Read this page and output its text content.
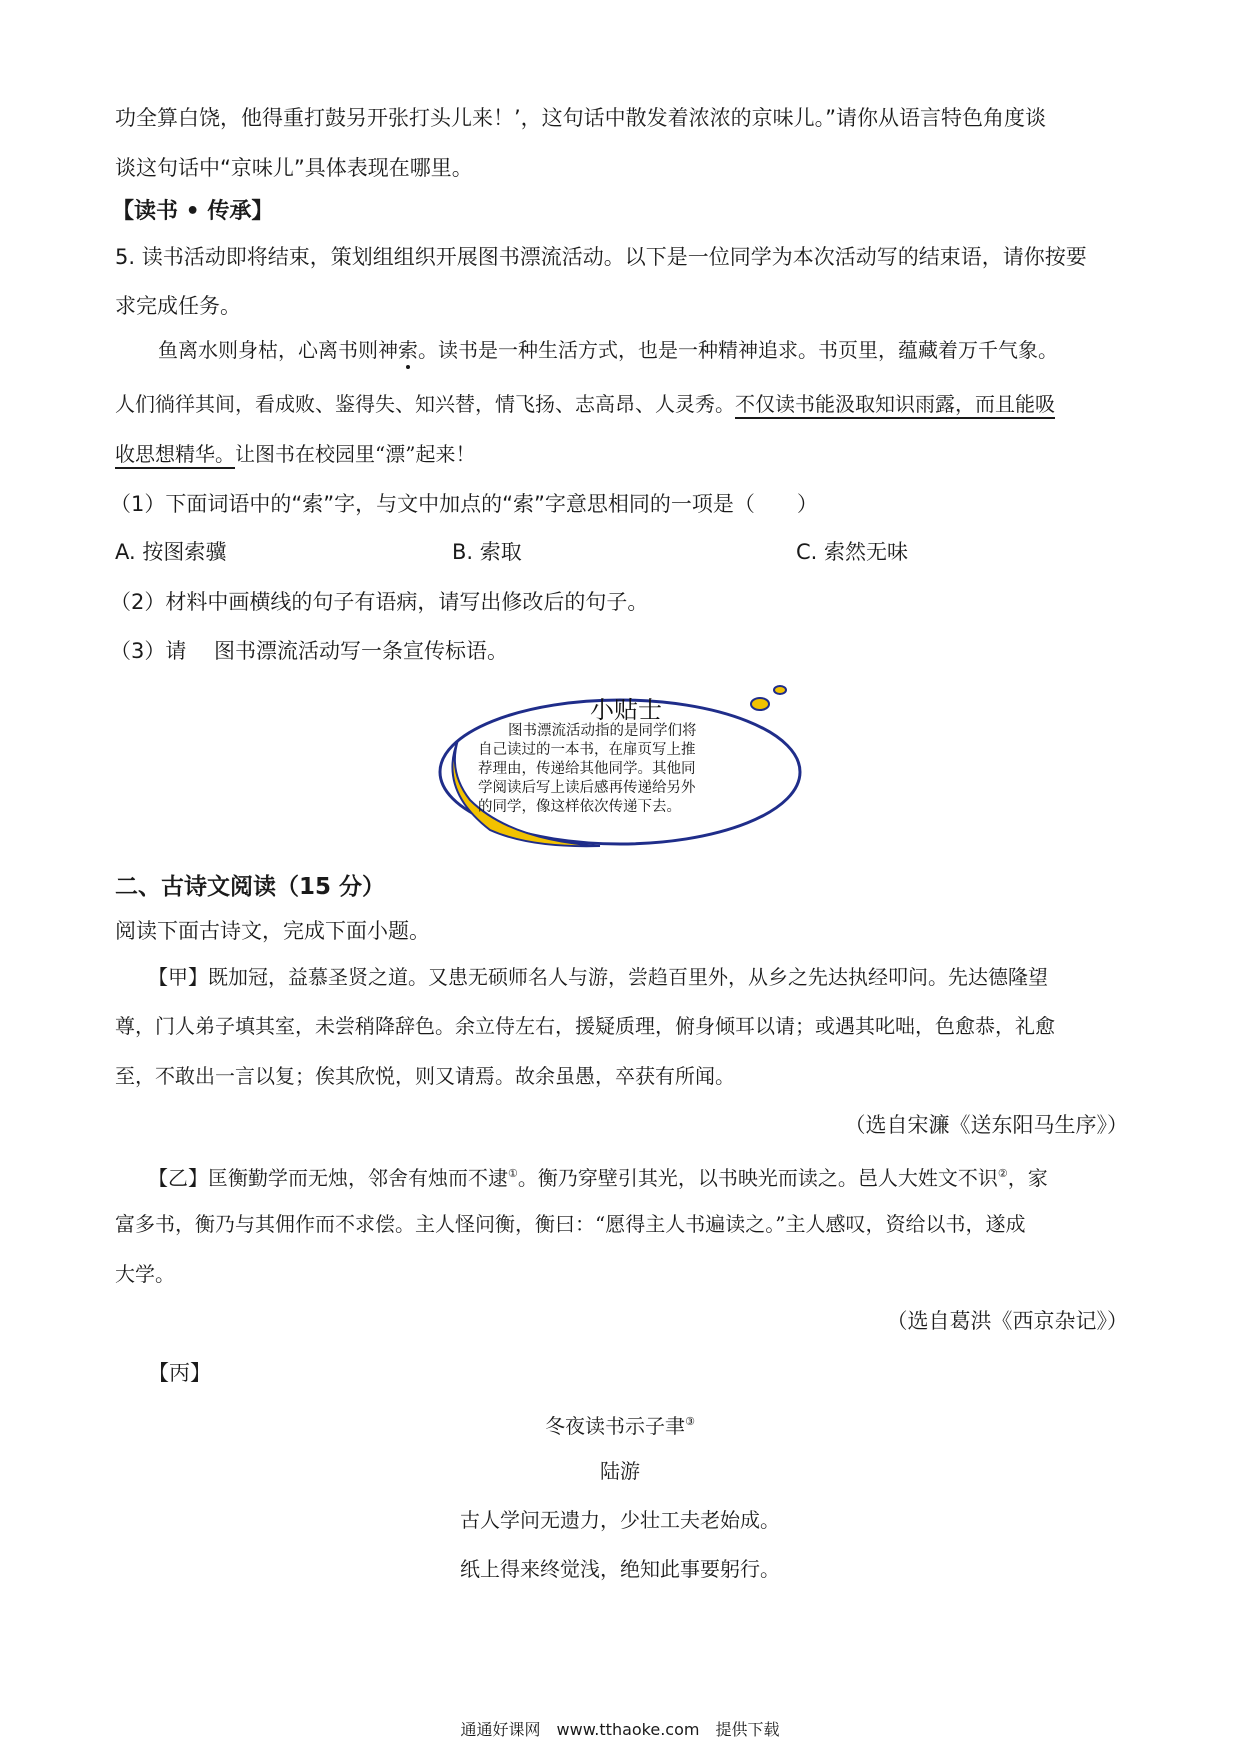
功全算白饶，他得重打鼓另开张打头儿来！’，这句话中散发着浓浓的京味儿。”请你从语言特色角度谈
谈这句话中“京味儿”具体表现在哪里。
【读书 • 传承】
5. 读书活动即将结束，策划组组织开展图书漂流活动。以下是一位同学为本次活动写的结束语，请你按要
求完成任务。
鱼离水则身枯，心离书则神索。读书是一种生活方式，也是一种精神追求。书页里，蕴藏着万千气象。
人们徜徉其间，看成败、鉴得失、知兴替，情飞扬、志高昂、人灵秀。不仅读书能汲取知识雨露，而且能吸
收思想精华。让图书在校园里“漂”起来！
（1）下面词语中的“索”字，与文中加点的“索”字意思相同的一项是（　　）
A. 按图索骥	B. 索取	C. 索然无味
（2）材料中画横线的句子有语病，请写出修改后的句子。
（3）请　 图书漂流活动写一条宣传标语。
小贴士
图书漂流活动指的是同学们将
自己读过的一本书，在扉页写上推
荐理由，传递给其他同学。其他同
学阅读后写上读后感再传递给另外
的同学，像这样依次传递下去。
二、古诗文阅读（15 分）
阅读下面古诗文，完成下面小题。
【甲】既加冠，益慕圣贤之道。又患无硕师名人与游，尝趋百里外，从乡之先达执经叩问。先达德隆望
尊，门人弟子填其室，未尝稍降辞色。余立侍左右，援疑质理，俯身倾耳以请；或遇其叱咄，色愈恭，礼愈
至，不敢出一言以复；俟其欣悦，则又请焉。故余虽愚，卒获有所闻。
（选自宋濂《送东阳马生序》）
【乙】匡衡勤学而无烛，邻舍有烛而不逮①。衡乃穿壁引其光，以书映光而读之。邑人大姓文不识②，家
富多书，衡乃与其佣作而不求偿。主人怪问衡，衡曰：“愿得主人书遍读之。”主人感叹，资给以书，遂成
大学。
（选自葛洪《西京杂记》）
【丙】
冬夜读书示子聿③
陆游
古人学问无遗力，少壮工夫老始成。
纸上得来终觉浅，绝知此事要躬行。
通通好课网　www.tthaoke.com　提供下载
